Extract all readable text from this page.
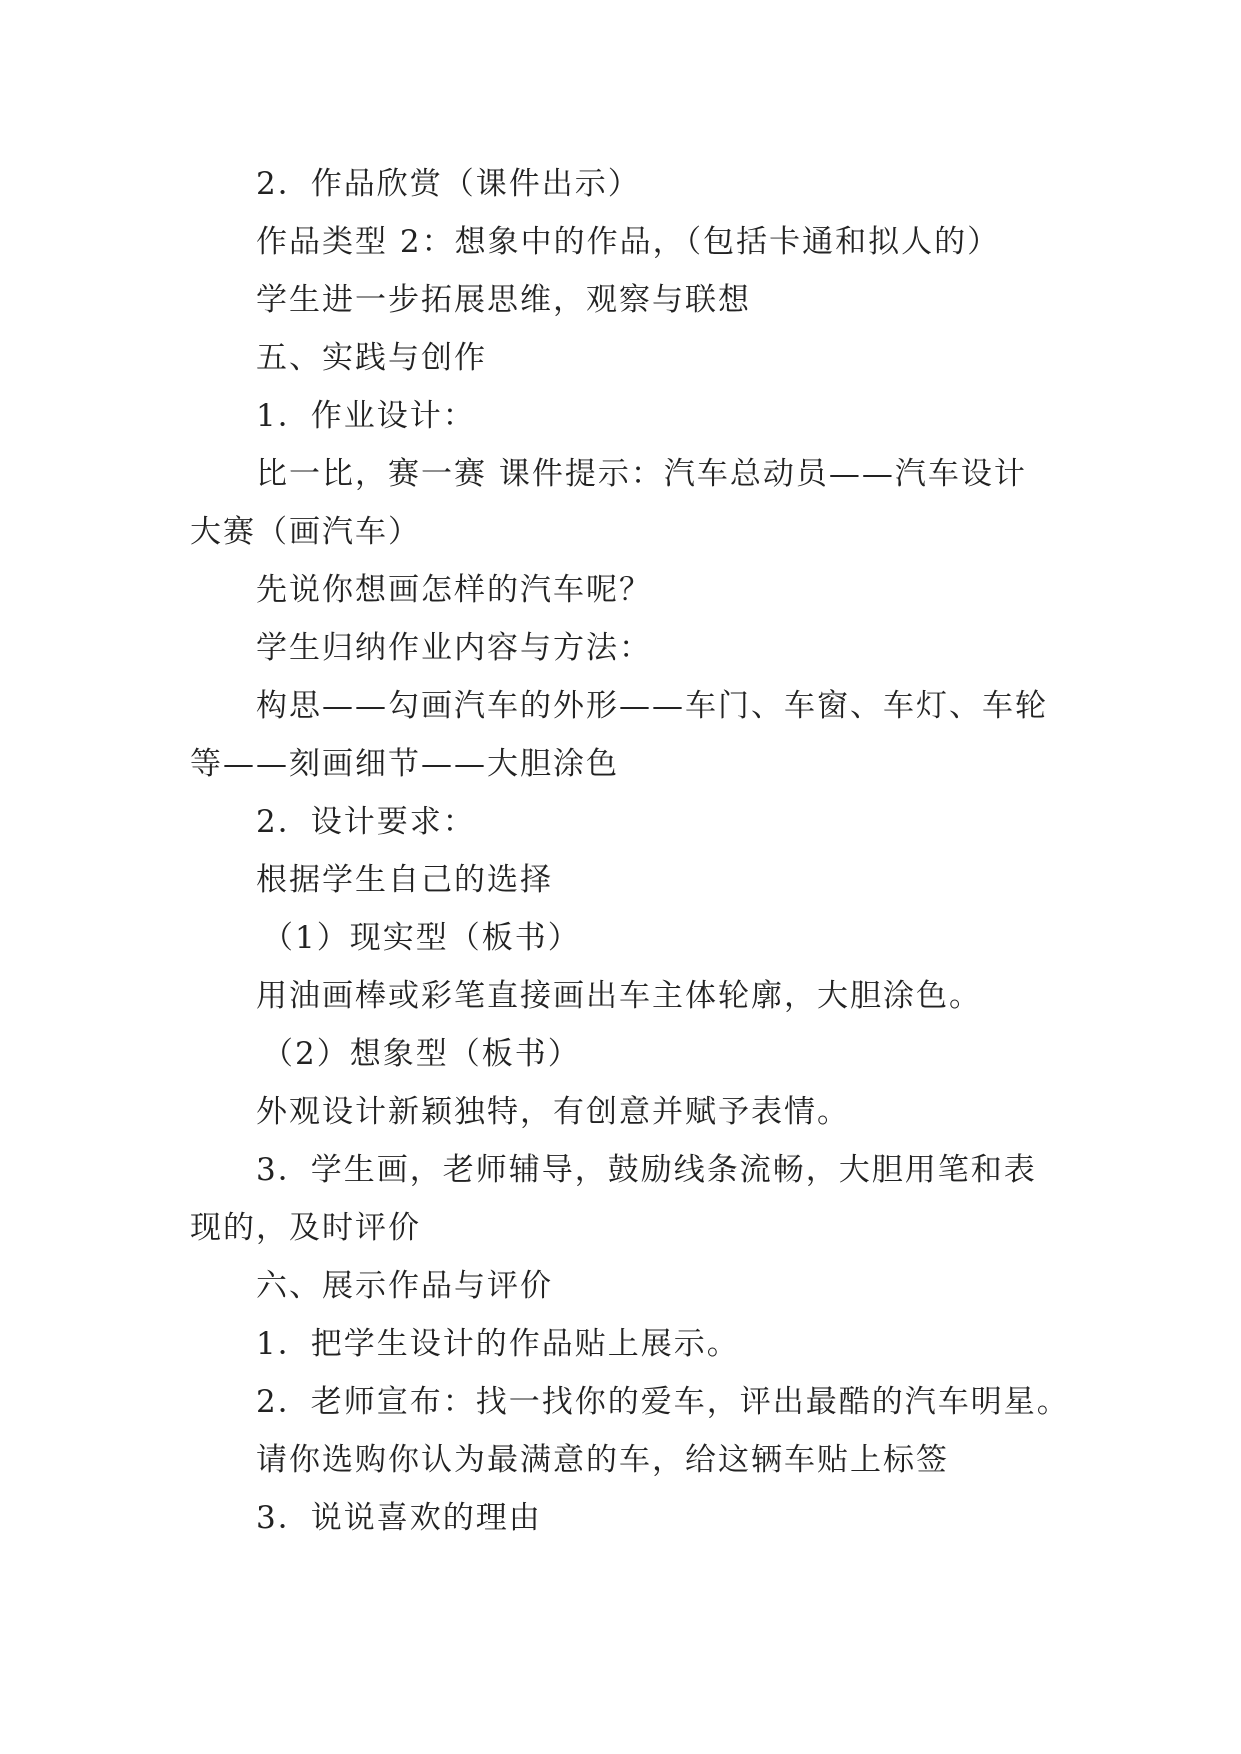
2．作品欣赏（课件出示）
作品类型 2：想象中的作品，（包括卡通和拟人的）
学生进一步拓展思维，观察与联想
五、实践与创作
1．作业设计：
比一比，赛一赛 课件提示：汽车总动员——汽车设计
大赛（画汽车）
先说你想画怎样的汽车呢？
学生归纳作业内容与方法：
构思——勾画汽车的外形——车门、车窗、车灯、车轮
等——刻画细节——大胆涂色
2．设计要求：
根据学生自己的选择
（1）现实型（板书）
用油画棒或彩笔直接画出车主体轮廓，大胆涂色。
（2）想象型（板书）
外观设计新颖独特，有创意并赋予表情。
3．学生画，老师辅导，鼓励线条流畅，大胆用笔和表
现的，及时评价
六、展示作品与评价
1．把学生设计的作品贴上展示。
2．老师宣布：找一找你的爱车，评出最酷的汽车明星。
请你选购你认为最满意的车，给这辆车贴上标签
3．说说喜欢的理由
